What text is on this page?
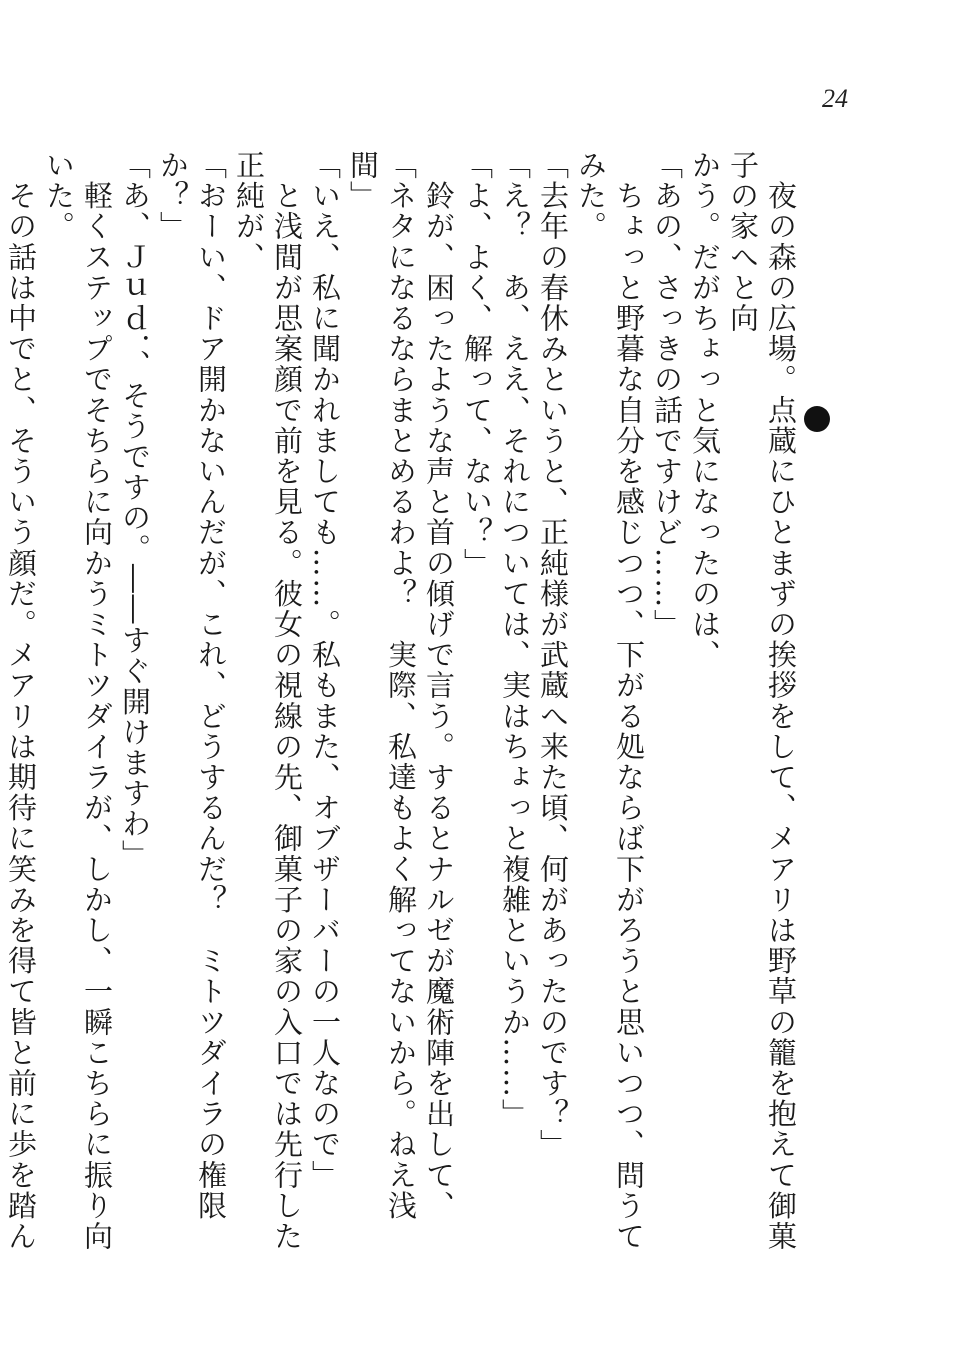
24

　夜の森の広場。点蔵にひとまずの挨拶をして、メアリは野草の籠を抱えて御菓子の家へと向

かう。だがちょっと気になったのは、

「あの、さっきの話ですけど……」

　ちょっと野暮な自分を感じつつ、下がる処ならば下がろうと思いつつ、問うてみた。

「去年の春休みというと、正純様が武蔵へ来た頃、何があったのです？」

「え？　あ、ええ、それについては、実はちょっと複雑というか……」

「よ、よく、解って、ない？」

　鈴が、困ったような声と首の傾げで言う。するとナルゼが魔術陣を出して、

「ネタになるならまとめるわよ？　実際、私達もよく解ってないから。ねえ浅間」

「いえ、私に聞かれましても……。私もまた、オブザーバーの一人なので」

　と浅間が思案顔で前を見る。彼女の視線の先、御菓子の家の入口では先行した正純が、

「おーい、ドア開かないんだが、これ、どうするんだ？　ミトツダイラの権限か？」

「あ、Ｊｕｄ．、そうですの。――すぐ開けますわ」

　軽くステップでそちらに向かうミトツダイラが、しかし、一瞬こちらに振り向いた。

　その話は中でと、そういう顔だ。メアリは期待に笑みを得て皆と前に歩を踏ん
